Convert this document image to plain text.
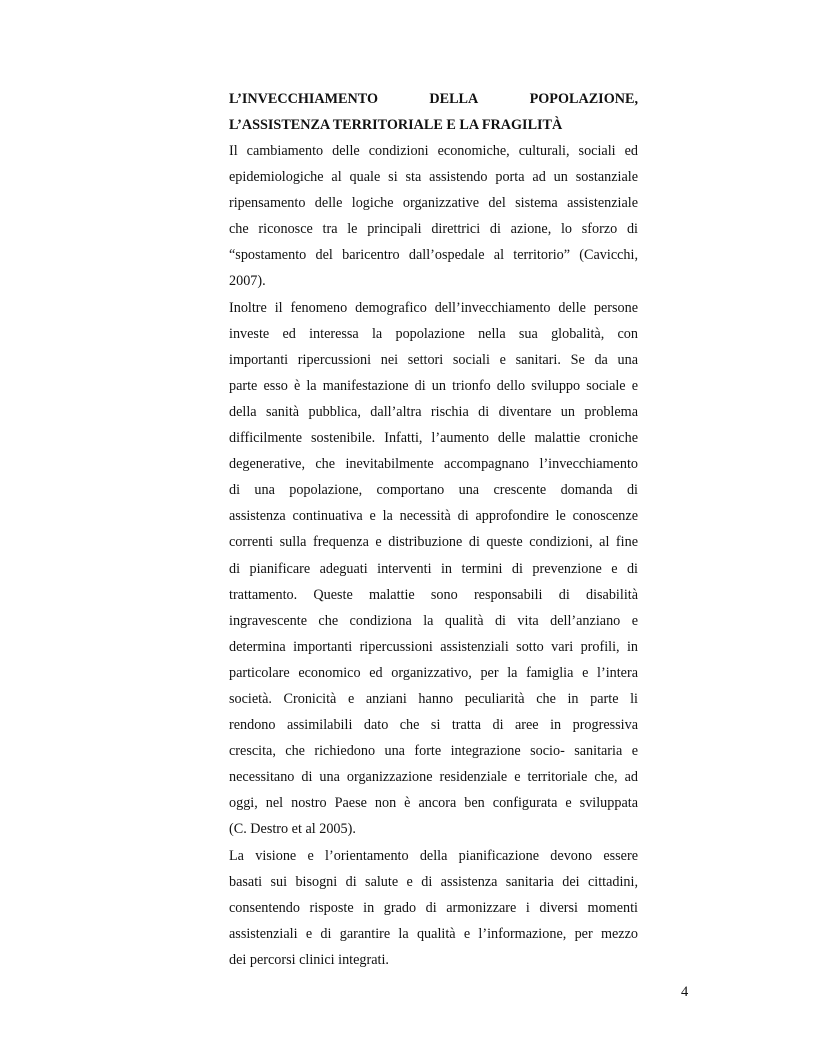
L’INVECCHIAMENTO	DELLA	POPOLAZIONE,
L’ASSISTENZA TERRITORIALE E LA FRAGILITÀ

Il cambiamento delle condizioni economiche, culturali, sociali ed
epidemiologiche al quale si sta assistendo porta ad un sostanziale
ripensamento delle logiche organizzative del sistema assistenziale
che riconosce tra le principali direttrici di azione, lo sforzo di
“spostamento del baricentro dall’ospedale al territorio” (Cavicchi,
2007).

Inoltre il fenomeno demografico dell’invecchiamento delle persone
investe ed interessa la popolazione nella sua globalità, con
importanti ripercussioni nei settori sociali e sanitari. Se da una
parte esso è la manifestazione di un trionfo dello sviluppo sociale e
della sanità pubblica, dall’altra rischia di diventare un problema
difficilmente sostenibile. Infatti, l’aumento delle malattie croniche
degenerative, che inevitabilmente accompagnano l’invecchiamento
di una popolazione, comportano una crescente domanda di
assistenza continuativa e la necessità di approfondire le conoscenze
correnti sulla frequenza e distribuzione di queste condizioni, al fine
di pianificare adeguati interventi in termini di prevenzione e di
trattamento. Queste malattie sono responsabili di disabilità
ingravescente che condiziona la qualità di vita dell’anziano e
determina importanti ripercussioni assistenziali sotto vari profili, in
particolare economico ed organizzativo, per la famiglia e l’intera
società. Cronicità e anziani hanno peculiarità che in parte li
rendono assimilabili dato che si tratta di aree in progressiva
crescita, che richiedono una forte integrazione socio- sanitaria e
necessitano di una organizzazione residenziale e territoriale che, ad
oggi, nel nostro Paese non è ancora ben configurata e sviluppata
(C. Destro et al 2005).

La visione e l’orientamento della pianificazione devono essere
basati sui bisogni di salute e di assistenza sanitaria dei cittadini,
consentendo risposte in grado di armonizzare i diversi momenti
assistenziali e di garantire la qualità e l’informazione, per mezzo
dei percorsi clinici integrati.

4
